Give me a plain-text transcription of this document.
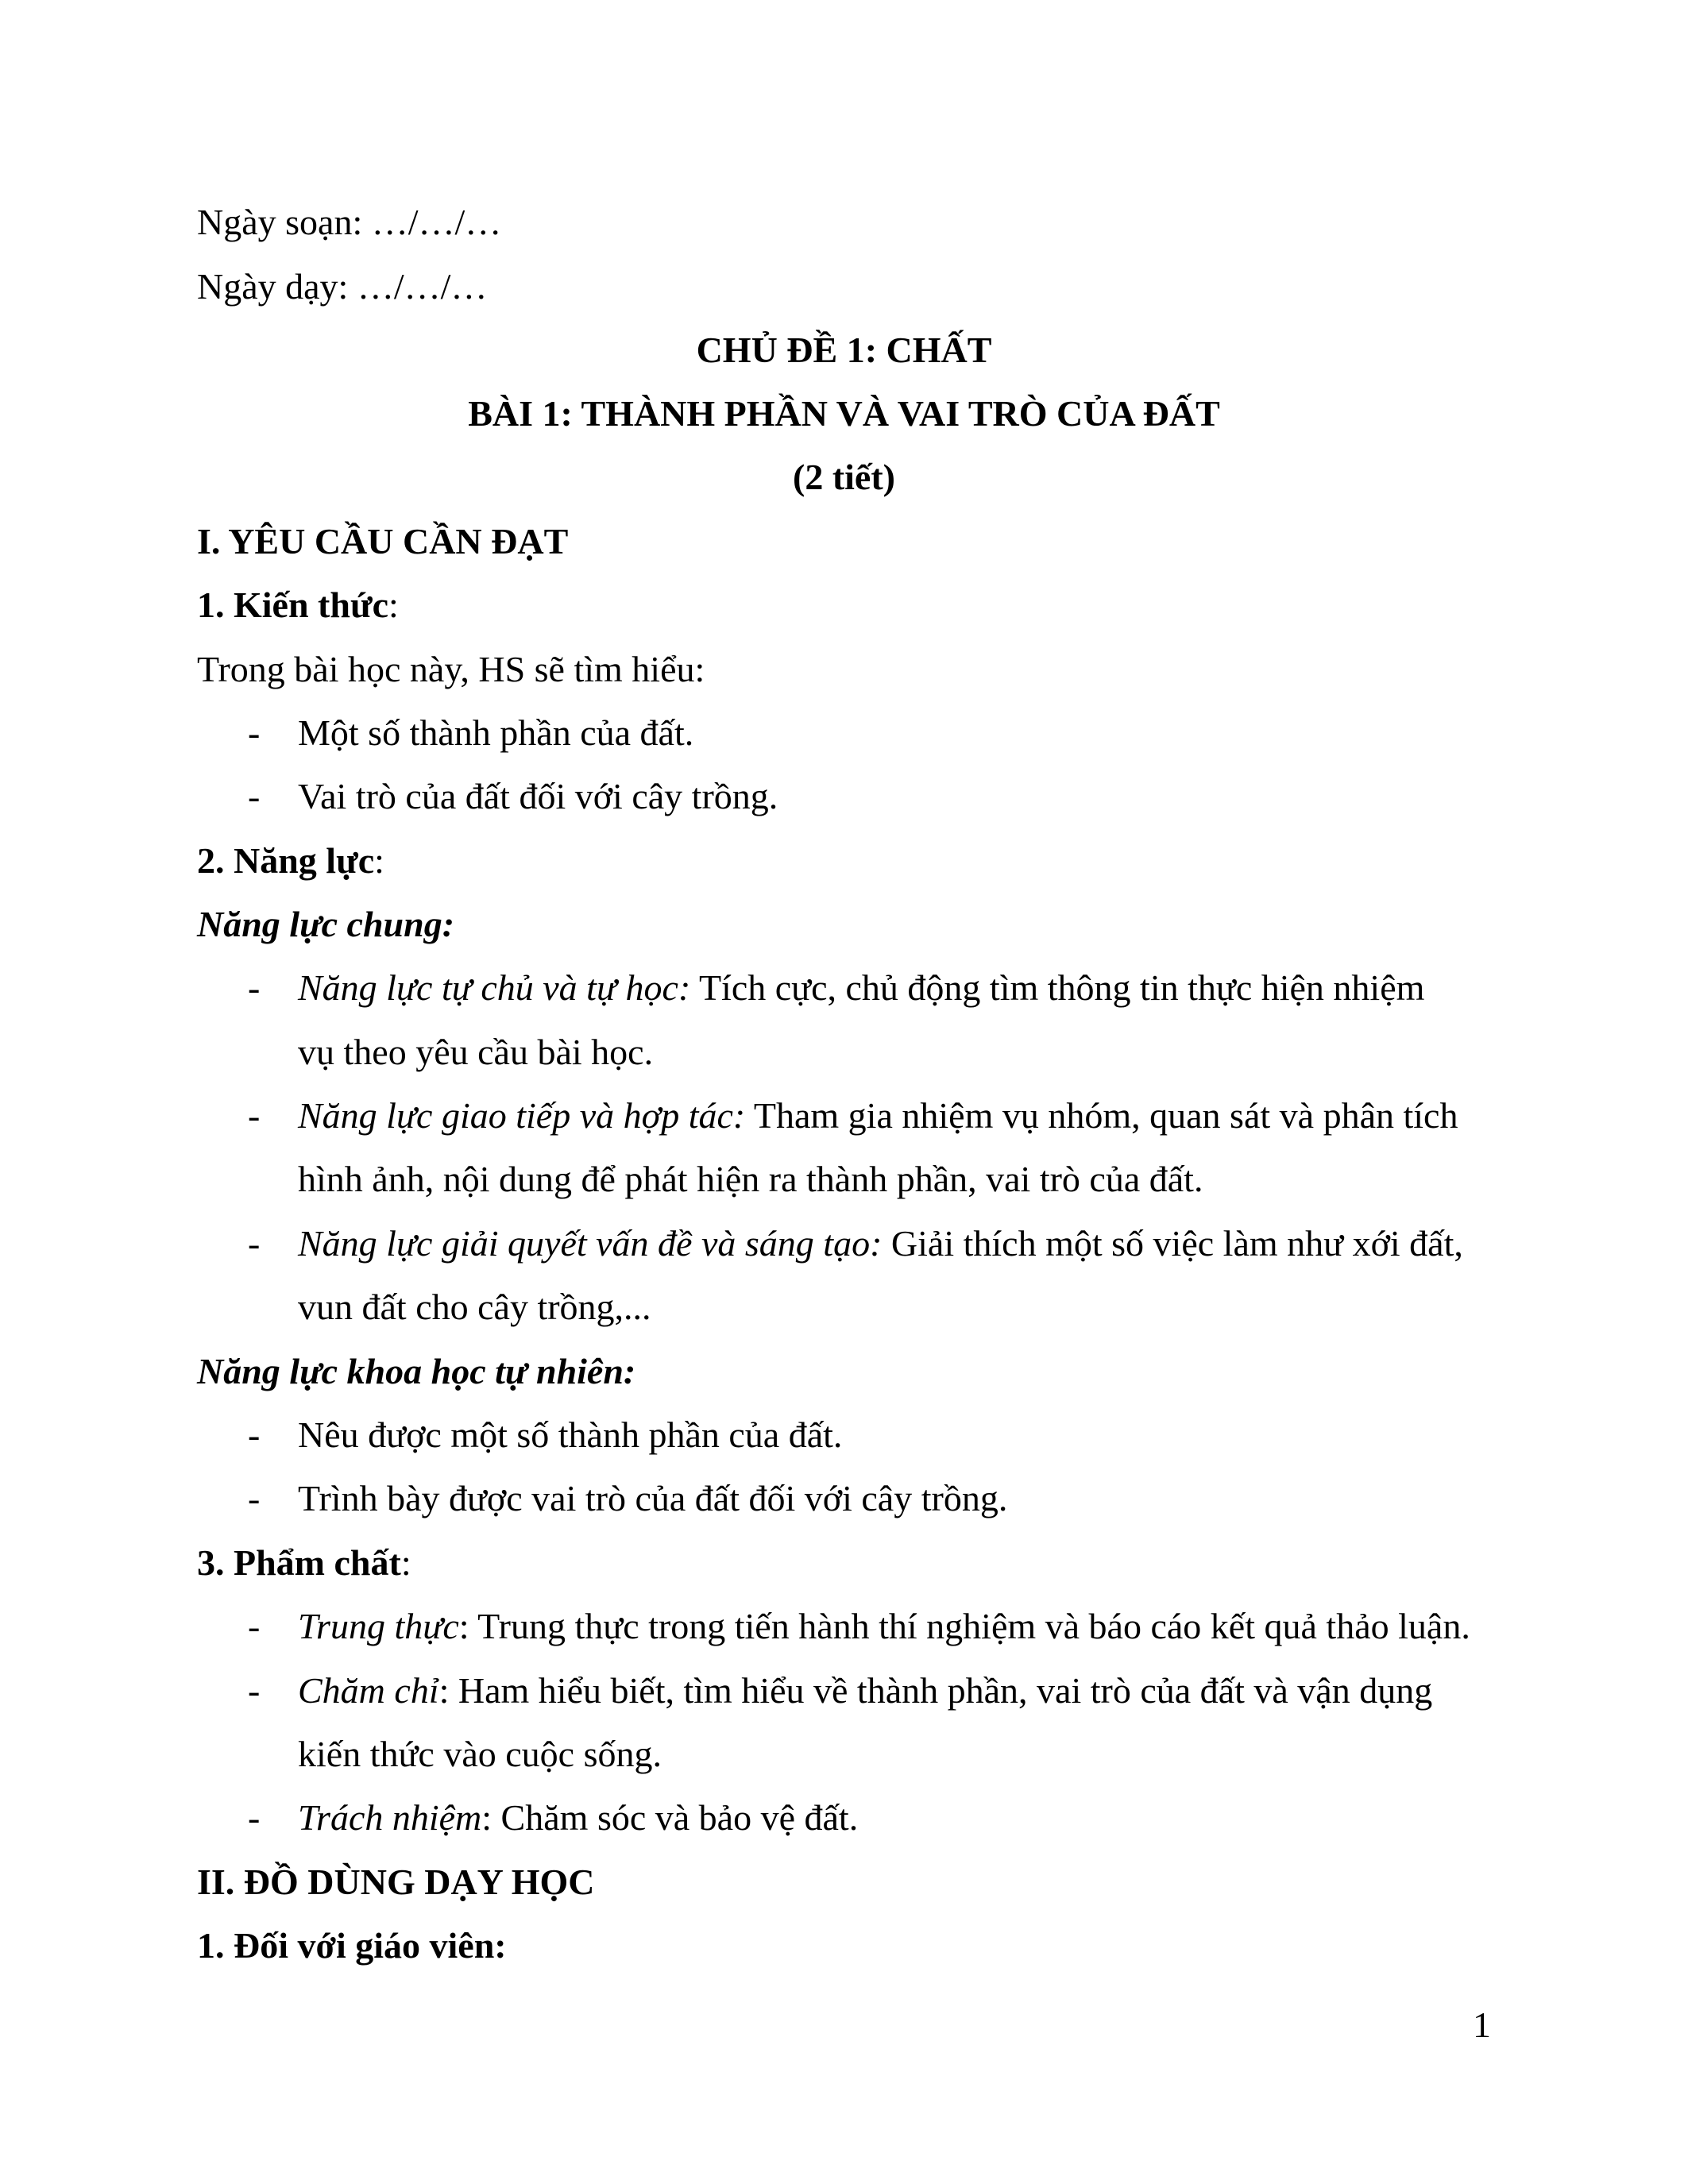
Ngày soạn: …/…/…
Ngày dạy: …/…/…
CHỦ ĐỀ 1: CHẤT
BÀI 1: THÀNH PHẦN VÀ VAI TRÒ CỦA ĐẤT
(2 tiết)
I. YÊU CẦU CẦN ĐẠT
1. Kiến thức:
Trong bài học này, HS sẽ tìm hiểu:
- Một số thành phần của đất.
- Vai trò của đất đối với cây trồng.
2. Năng lực:
Năng lực chung:
- Năng lực tự chủ và tự học: Tích cực, chủ động tìm thông tin thực hiện nhiệm
vụ theo yêu cầu bài học.
- Năng lực giao tiếp và hợp tác: Tham gia nhiệm vụ nhóm, quan sát và phân tích
hình ảnh, nội dung để phát hiện ra thành phần, vai trò của đất.
- Năng lực giải quyết vấn đề và sáng tạo: Giải thích một số việc làm như xới đất,
vun đất cho cây trồng,...
Năng lực khoa học tự nhiên:
- Nêu được một số thành phần của đất.
- Trình bày được vai trò của đất đối với cây trồng.
3. Phẩm chất:
- Trung thực: Trung thực trong tiến hành thí nghiệm và báo cáo kết quả thảo luận.
- Chăm chỉ: Ham hiểu biết, tìm hiểu về thành phần, vai trò của đất và vận dụng
kiến thức vào cuộc sống.
- Trách nhiệm: Chăm sóc và bảo vệ đất.
II. ĐỒ DÙNG DẠY HỌC
1. Đối với giáo viên:
1
